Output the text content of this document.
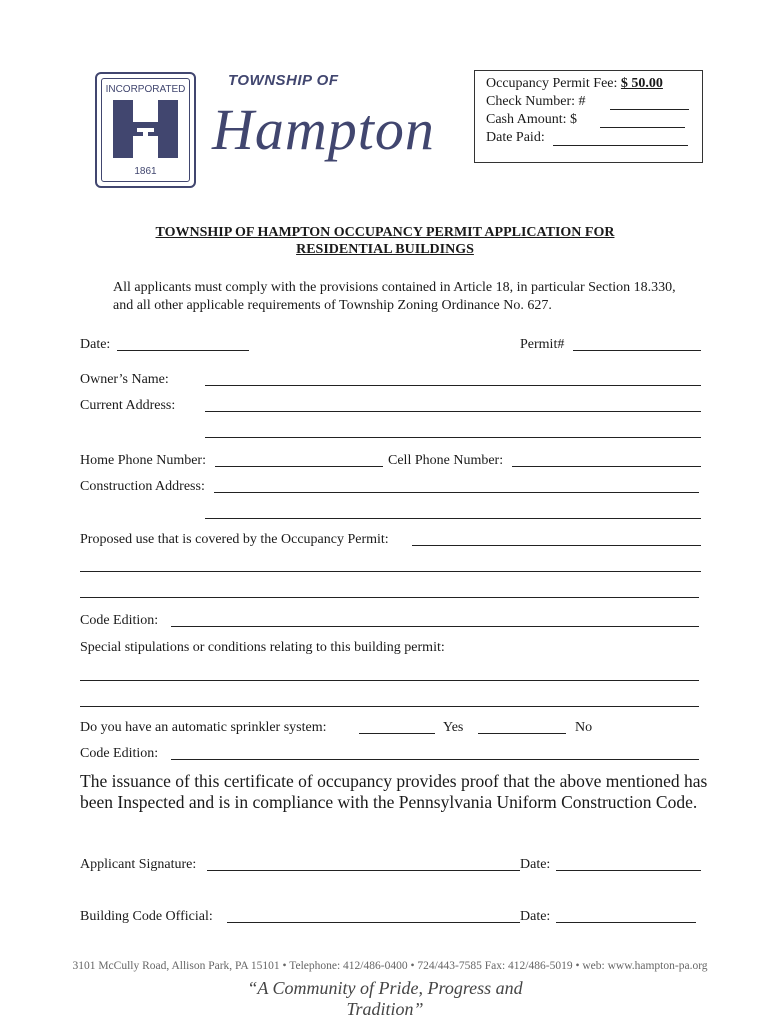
INCORPORATED
1861
TOWNSHIP OF
Hampton
Occupancy Permit Fee: $ 50.00
Check Number: #
Cash Amount: $
Date Paid:
TOWNSHIP OF HAMPTON OCCUPANCY PERMIT APPLICATION FOR
RESIDENTIAL BUILDINGS
All applicants must comply with the provisions contained in Article 18, in particular Section 18.330, and all other applicable requirements of Township Zoning Ordinance No. 627.
Date:	Permit#
Owner’s Name:
Current Address:
Home Phone Number:	Cell Phone Number:
Construction Address:
Proposed use that is covered by the Occupancy Permit:
Code Edition:
Special stipulations or conditions relating to this building permit:
Do you have an automatic sprinkler system:	Yes	No
Code Edition:
The issuance of this certificate of occupancy provides proof that the above mentioned has been Inspected and is in compliance with the Pennsylvania Uniform Construction Code.
Applicant Signature:	Date:
Building Code Official:	Date:
3101 McCully Road, Allison Park, PA 15101 • Telephone: 412/486-0400 • 724/443-7585 Fax: 412/486-5019 • web: www.hampton-pa.org
“A Community of Pride, Progress and Tradition”
